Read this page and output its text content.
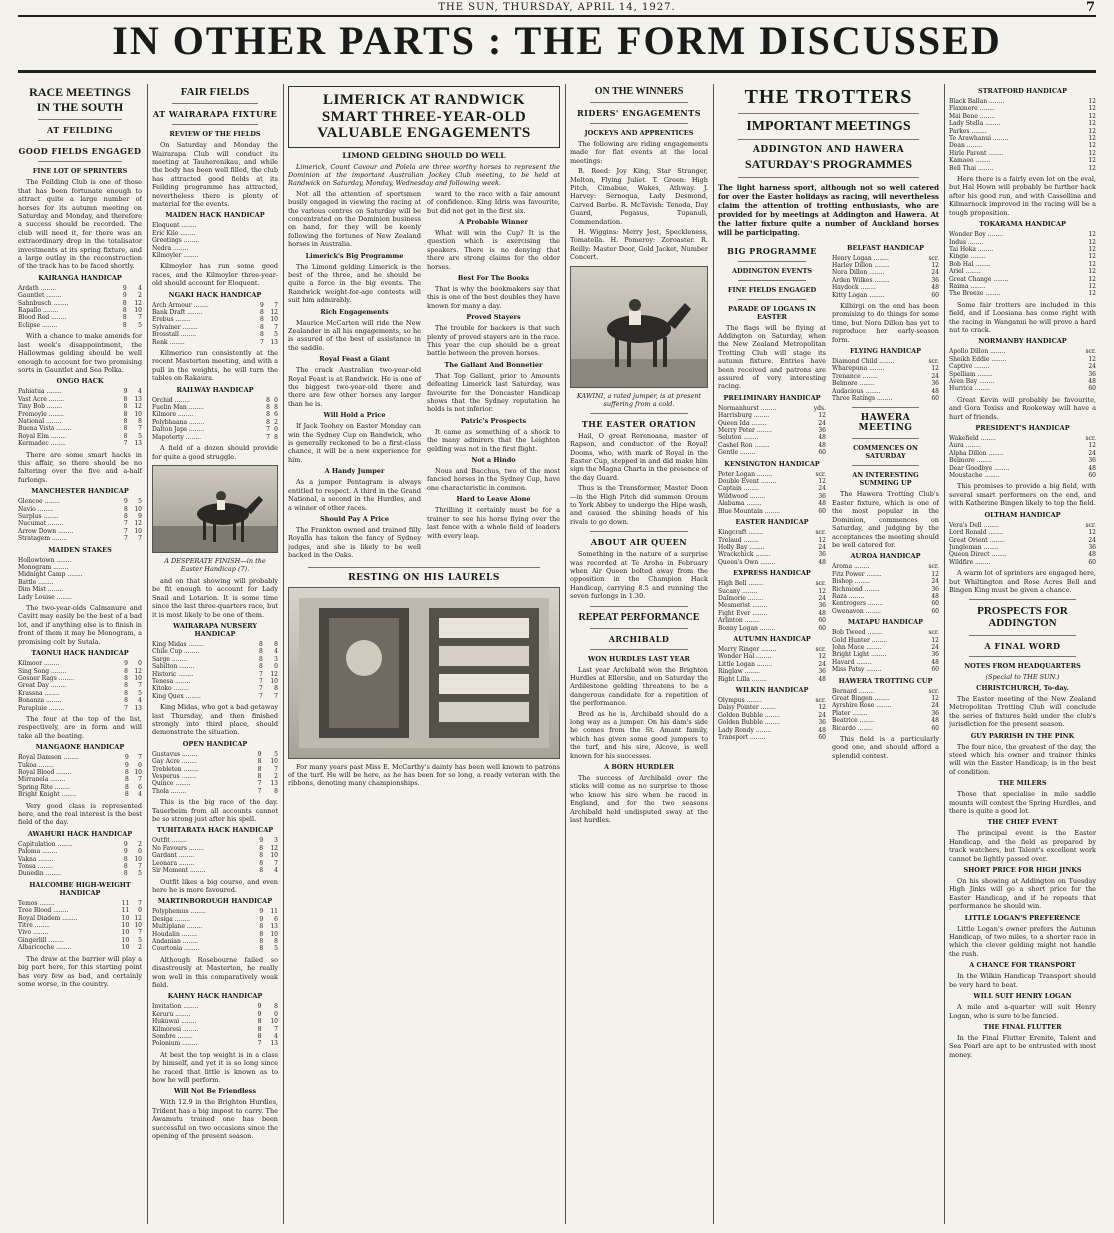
THE SUN, THURSDAY, APRIL 14, 1927.	7
IN OTHER PARTS : THE FORM DISCUSSED
RACE MEETINGS
IN THE SOUTH
AT FEILDING
GOOD FIELDS ENGAGED
FINE LOT OF SPRINTERS

The Feilding Club is one of those that has been fortunate enough to attract quite a large number of horses for its autumn meeting on Saturday and Monday, and therefore a success should be recorded. The club will need it, for there was an extraordinary drop in the totalisator investments at its spring fixture, and a large outlay in the reconstruction of the track has to be faced shortly.

KAIRANGA HANDICAP
Ardath ........	9	4
Gauntlet ........	9	2
Sahnbusch ........	8	12
Rapallo ........	8	10
Blood Red ........	8	7
Eclipse ........	8	5

With a chance to make amends for last week's disappointment, the Hallowmas gelding should be well enough to account for two promising sorts in Gauntlet and Sea Polka.

ONGO HACK
Pahiatua ........	9	4
Vast Acre ........	8	13
Tiny Bob ........	8	12
Fremoyle ........	8	10
National ........	8	8
Buena Vista ........	8	7
Royal Elm ........	8	5
Kermadec ........	7	13

There are some smart hacks in this affair, so there should be no faltering over the five and a-half furlongs.

MANCHESTER HANDICAP
Glencoe ........	9	5
Navio ........	8	10
Surplus ........	8	9
Nucumat ........	7	12
Arrow Down ........	7	10
Stratagem ........	7	7
MAIDEN STAKES
Hollowtown ........	
Monogram ........	
Midnight Camp ........	
Battle ........	
Dim Mist ........	
Lady Louise ........	

The two-year-olds Calmanure and Cavitt may easily be the best of a bad lot, and if anything else is to finish in front of them it may be Monogram, a promising colt by Sutala.

TAONUI HACK HANDICAP
Kilmoor ........	9	0
Sing Song ........	8	12
Gosner Rags ........	8	10
Great Day ........	8	7
Krassna ........	8	5
Bonanza ........	8	4
Parapluie ........	7	13

The four at the top of the list, respectively, are in form and will take all the beating.

MANGAONE HANDICAP
Royal Damson ........	9	7
Tukoa ........	9	0
Royal Blood ........	8	10
Mirranela ........	8	7
Spring Rite ........	8	6
Bright Knight ........	8	4

Very good class is represented here, and the real interest is the best field of the day.

AWAHURI HACK HANDICAP
Capitulation ........	9	2
Paloma ........	9	0
Vakna ........	8	10
Tonsa ........	8	7
Dunedin ........	8	5
HALCOMBE HIGH-WEIGHT HANDICAP
Temos ........	11	7
Tree Blood ........	11	0
Royal Diadem ........	10	12
Titre ........	10	10
Vivo ........	10	7
Gingerlill ........	10	5
Albaricoche ........	10	2

The draw at the barrier will play a big part here, for this starting point has very few as bad, and certainly some worse, in the country.

FAIR FIELDS
AT WAIRARAPA FIXTURE
REVIEW OF THE FIELDS

On Saturday and Monday the Wairarapa Club will conduct its meeting at Tauherenikau, and while the body has been well filled, the club has attracted good fields at its Feilding programme has attracted, nevertheless there is plenty of material for the events.

MAIDEN HACK HANDICAP
Eloquent ........	
Eric Kile ........	
Greetings ........	
Nedra ........	
Kilmoyler ........	

Kilmoyler has run some good races, and the Kilmoyler three-year-old should account for Eloquent.

NGAKI HACK HANDICAP
Arch Armour ........	9	7
Bank Draft ........	8	12
Erebus ........	8	10
Sylvainer ........	8	7
Brosstall ........	8	5
Renk ........	7	13

Kilmerico ran consistently at the recent Masterton meeting, and with a pull in the weights, he will turn the tables on Rakaura.

RAILWAY HANDICAP
Orchid ........	8	0
Fuelin Man ........	8	8
Kilmore ........	8	6
Polybhaana ........	8	2
Dalton Japs ........	7	0
Mapoterty ........	7	8

A field of a dozen should provide for quite a good struggle.

A DESPERATE FINISH—in the Easter Handicap (7).

and on that showing will probably be fit enough to account for Lady Snail and Lotarion. It is some time since the last three-quarters race, but it is most likely to be one of them.

WAIRARAPA NURSERY HANDICAP
King Midas ........	8	8
Chile Cup ........	8	4
Sarge ........	8	3
Sabilton ........	8	0
Historic ........	7	12
Tenesa ........	7	10
Kitoko ........	7	8
King Quex ........	7	7

King Midas, who got a bad getaway last Thursday, and then finished strongly into third place, should demonstrate the situation.

OPEN HANDICAP
Gustavus ........	9	5
Gay Acre ........	8	10
Trebleton ........	8	7
Vesperus ........	8	2
Quince ........	7	13
Thola ........	7	8

This is the big race of the day. Tauerheim from all accounts cannot be so strong just after his spell.

TUHITARATA HACK HANDICAP
Outfit ........	9	3
No Favours ........	8	12
Gardant ........	8	10
Leonara ........	8	7
Sir Moment ........	8	4

Outfit likes a big course, and even here he is more favoured.

MARTINBOROUGH HANDICAP
Polyphemus ........	9	11
Desiga ........	9	6
Multiplane ........	8	13
Houdalin ........	8	10
Andanian ........	8	8
Courtonia ........	8	5

Although Rosebourne failed so disastrously at Masterton, he really won well in this comparatively weak field.

KAHNY HACK HANDICAP
Invitation ........	9	8
Keruru ........	9	0
Hukuwai ........	8	10
Kilmoresi ........	8	7
Sombre ........	8	4
Polonium ........	7	13

At best the top weight is in a class by himself, and yet it is so long since he raced that little is known as to how he will perform.

Will Not Be Friendless

With 12.9 in the Brighton Hurdles, Trident has a big impost to carry. The Awamutu trained one has been successful on two occasions since the opening of the present season.

LIMERICK AT RANDWICK SMART THREE-YEAR-OLD VALUABLE ENGAGEMENTS
LIMOND GELDING SHOULD DO WELL

Limerick, Count Cavour and Polela are three worthy horses to represent the Dominion at the important Australian Jockey Club meeting, to be held at Randwick on Saturday, Monday, Wednesday and following week.

Not all the attention of sportsmen busily engaged in viewing the racing at the various centres on Saturday will be concentrated on the Dominion business on hand, for they will be keenly following the fortunes of New Zealand horses in Australia.

Limerick's Big Programme

The Limond gelding Limerick is the best of the three, and he should be quite a force in the big events. The Randwick weight-for-age contests will suit him admirably.

Rich Engagements

Maurice McCarten will ride the New Zealander in all his engagements, so he is assured of the best of assistance in the saddle.

Royal Feast a Giant

The crack Australian two-year-old Royal Feast is at Randwick. He is one of the biggest two-year-old there and there are few other horses any larger than he is.

Will Hold a Price

If Jack Toohey on Easter Monday can win the Sydney Cup on Randwick, who is generally reckoned to be a first-class chance, it will be a new experience for him.

A Handy Jumper

As a jumper Pentagram is always entitled to respect. A third in the Grand National, a second in the Hurdles, and a winner of other races.

Should Pay A Price

The Frankton owned and trained filly Royalla has taken the fancy of Sydney judges, and she is likely to be well backed in the Oaks.

ward to the race with a fair amount of confidence. King Idris was favourite, but did not get in the first six.

A Probable Winner

What will win the Cup? It is the question which is exercising the speakers. There is no denying that there are strong claims for the older horses.

Best For The Books

That is why the bookmakers say that this is one of the best doubles they have known for many a day.

Proved Stayers

The trouble for backers is that such plenty of proved stayers are in the race. This year the cup should be a great battle between the proven horses.

The Gallant And Bonnetier

That Top Gallant, prior to Amounts defeating Limerick last Saturday, was favourite for the Doncaster Handicap shows that the Sydney reputation he holds is not inferior.

Patric's Prospects

It came as something of a shock to the many admirers that the Leighton gelding was not in the first flight.

Not a Hindo

Nous and Bacchus, two of the most fancied horses in the Sydney Cup, have one characteristic in common.

Hard to Leave Alone

Thrilling it certainly must be for a trainer to see his horse flying over the last fence with a whole field of leaders with every leap.

RESTING ON HIS LAURELS

For many years past Miss E. McCarthy's dainty has been well known to patrons of the turf. He will be here, as he has been for so long, a ready veteran with the ribbons, denoting many championships.

ON THE WINNERS
RIDERS' ENGAGEMENTS
JOCKEYS AND APPRENTICES

The following are riding engagements made for flat events at the local meetings:

B. Reed: Joy King, Star Stranger, Melton, Flying Juliet. T. Green: High Pitch, Cimabue, Wakes, Athway. J. Harvey: Sernoqua, Lady Desmond, Carved Barbe. R. McTavish: Tenoda, Day Guard, Pegasus, Tupanuli, Commendation.

H. Wiggins: Merry Jest, Speckleness, Tomatella. H. Pomeroy: Zoroaster. R. Reilly: Master Door, Gold Jacket, Number Concert.

KAWINI, a rated jumper, is at present suffering from a cold.
THE EASTER ORATION

Hail, O great Rerenoana, master of Rapson, and conductor of the Royal! Dooms, who, with mark of Royal in the Easter Cup, stepped in and did make him sign the Magna Charta in the presence of the day Guard.

Thus is the Transformer, Master Doon—in the High Pitch did summon Oroum to York Abbey to undergo the Hipe wash, and caused the shining heads of his rivals to go down.

ABOUT AIR QUEEN

Something in the nature of a surprise was recorded at Te Aroha in February when Air Queen bolted away from the opposition in the Champion Hack Handicap, carrying 8.5 and running the seven furlongs in 1.30.

REPEAT PERFORMANCE
ARCHIBALD
WON HURDLES LAST YEAR

Last year Archibald won the Brighton Hurdles at Ellerslie, and on Saturday the Ardilestone gelding threatens to be a dangerous candidate for a repetition of the performance.

Bred as he is, Archibald should do a long way as a jumper. On his dam's side he comes from the St. Amant family, which has given some good jumpers to the turf, and his sire, Alcove, is well known for his successes.

A BORN HURDLER

The success of Archibald over the sticks will come as no surprise to those who know his sire when he raced in England, and for the two seasons Archibald held undisputed sway at the last hurdles.

THE TROTTERS
IMPORTANT MEETINGS
ADDINGTON AND HAWERA
SATURDAY'S PROGRAMMES

The light harness sport, although not so well catered for over the Easter holidays as racing, will nevertheless claim the attention of trotting enthusiasts, who are provided for by meetings at Addington and Hawera. At the latter fixture quite a number of Auckland horses will be participating.

BIG PROGRAMME
ADDINGTON EVENTS
FINE FIELDS ENGAGED
PARADE OF LOGANS IN EASTER

The flags will be flying at Addington on Saturday, when the New Zealand Metropolitan Trotting Club will stage its autumn fixture. Entries have been received and patrons are assured of very interesting racing.

PRELIMINARY HANDICAP
Normanhurst ........	yds.
Harrisburg ........	12
Queen Ida ........	24
Merry Peter ........	36
Seluton ........	48
Cashel Ron ........	48
Gentle ........	60
KENSINGTON HANDICAP
Peter Logan ........	scr.
Double Event ........	12
Captain ........	24
Wildwood ........	36
Alabama ........	48
Blue Mountain ........	60
EASTER HANDICAP
Kingcraft ........	scr.
Trelaud ........	12
Holly Bay ........	24
Wrackchick ........	36
Queen's Own ........	48
EXPRESS HANDICAP
High Bell ........	scr.
Sucany ........	12
Dalmorie ........	24
Mesmerist ........	36
Fight Ever ........	48
Arlinton ........	60
Bonny Logan ........	60
AUTUMN HANDICAP
Merry Ringer ........	scr.
Wonder Hal ........	12
Little Logan ........	24
Ringlaw ........	36
Right Lilla ........	48
WILKIN HANDICAP
Olympus ........	scr.
Daisy Pointer ........	12
Golden Bubble ........	24
Golden Bubble ........	36
Lady Rondy ........	48
Transport ........	60
BELFAST HANDICAP
Henry Logan ........	scr.
Harley Dillon ........	12
Nora Dillon ........	24
Arden Wilkes ........	36
Haydock ........	48
Kitty Logan ........	60

Kilbirgi on the end has been promising to do things for some time, but Nora Dillon has yet to reproduce her early-season form.

FLYING HANDICAP
Diamond Child ........	scr.
Wharepuna ........	12
Trenance ........	24
Belmore ........	36
Audacious ........	48
Three Ratings ........	60
HAWERA MEETING
COMMENCES ON SATURDAY
AN INTERESTING SUMMING UP

The Hawera Trotting Club's Easter fixture, which is one of the most popular in the Dominion, commences on Saturday, and judging by the acceptances the meeting should be well catered for.

AUROA HANDICAP
Aroma ........	scr.
Fitz Power ........	12
Bishop ........	24
Richmond ........	36
Raza ........	48
Kentrogers ........	60
Gwenavon ........	60
MATAPU HANDICAP
Bob Tweed ........	scr.
Gold Hunter ........	12
John Mace ........	24
Bright Light ........	36
Havard ........	48
Miss Patsy ........	60
HAWERA TROTTING CUP
Bernard ........	scr.
Great Bingen ........	12
Ayrshire Rose ........	24
Plater ........	36
Beatrice ........	48
Ricardo ........	60

This field is a particularly good one, and should afford a splendid contest.

STRATFORD HANDICAP
Black Ballan ........	12
Flaxmere ........	12
Mai Bene ........	12
Lady Stella ........	12
Parkes ........	12
Te Arawhanui ........	12
Dean ........	12
Hirle Parent ........	12
Kamaeo ........	12
Bell Thai ........	12

Here there is a fairly even lot on the eval, but Hal Hown will probably be further back after his good run, and with Cassellina and Kilmarnock improved in the racing will be a tough proposition.

TOKARAMA HANDICAP
Wonder Boy ........	12
Indus ........	12
Tai Hoka ........	12
Kingie ........	12
Bob Hal ........	12
Ariel ........	12
Great Change ........	12
Raima ........	12
The Breeze ........	12

Some fair trotters are included in this field, and if Loosiana has come right with the racing in Wanganui he will prove a hard nut to crack.

NORMANBY HANDICAP
Apollo Dillon ........	scr.
Sheikh Eddie ........	12
Captive ........	24
Spelliam ........	36
Aven Bay ........	48
Hurrica ........	60

Great Kevin will probably be favourite, and Gora Toxiss and Rookeway will have a hurt of friends.

PRESIDENT'S HANDICAP
Wakefield ........	scr.
Aura ........	12
Alpha Dillon ........	24
Belmore ........	36
Dear Goodbye ........	48
Moustache ........	60

This promises to provide a big field, with several smart performers on the end, and with Katherine Bingen likely to top the field.

OLTHAM HANDICAP
Vera's Dell ........	scr.
Lord Ronald ........	12
Great Orient ........	24
Jungleman ........	36
Queen Direct ........	48
Wildfire ........	60

A warm lot of sprinters are engaged here, but Whiltington and Rose Acres Bell and Bingen King must be given a chance.

PROSPECTS FOR ADDINGTON
A FINAL WORD
NOTES FROM HEADQUARTERS
(Special to THE SUN.)
CHRISTCHURCH, To-day.

The Easter meeting of the New Zealand Metropolitan Trotting Club will conclude the series of fixtures held under the club's jurisdiction for the present season.

GUY PARRISH IN THE PINK

The four nice, the greatest of the day, the steed which his owner and trainer thinks will win the Easter Handicap, is in the best of condition.

THE MILERS

Those that specialise in mile saddle mounts will contest the Spring Hurdles, and there is quite a good lot.

THE CHIEF EVENT

The principal event is the Easter Handicap, and the field as prepared by track watchers, but Talent's excellent work cannot be lightly passed over.

SHORT PRICE FOR HIGH JINKS

On his showing at Addington on Tuesday High Jinks will go a short price for the Easter Handicap, and if he repeats that performance he should win.

LITTLE LOGAN'S PREFERENCE

Little Logan's owner prefers the Autumn Handicap, of two miles, to a shorter race in which the clever gelding might not handle the rush.

A CHANCE FOR TRANSPORT

In the Wilkin Handicap Transport should be very hard to beat.

WILL SUIT HENRY LOGAN

A mile and a-quarter will suit Henry Logan, who is sure to be fancied.

THE FINAL FLUTTER

In the Final Flutter Erenite, Talent and Sea Pearl are apt to be entrusted with most money.
